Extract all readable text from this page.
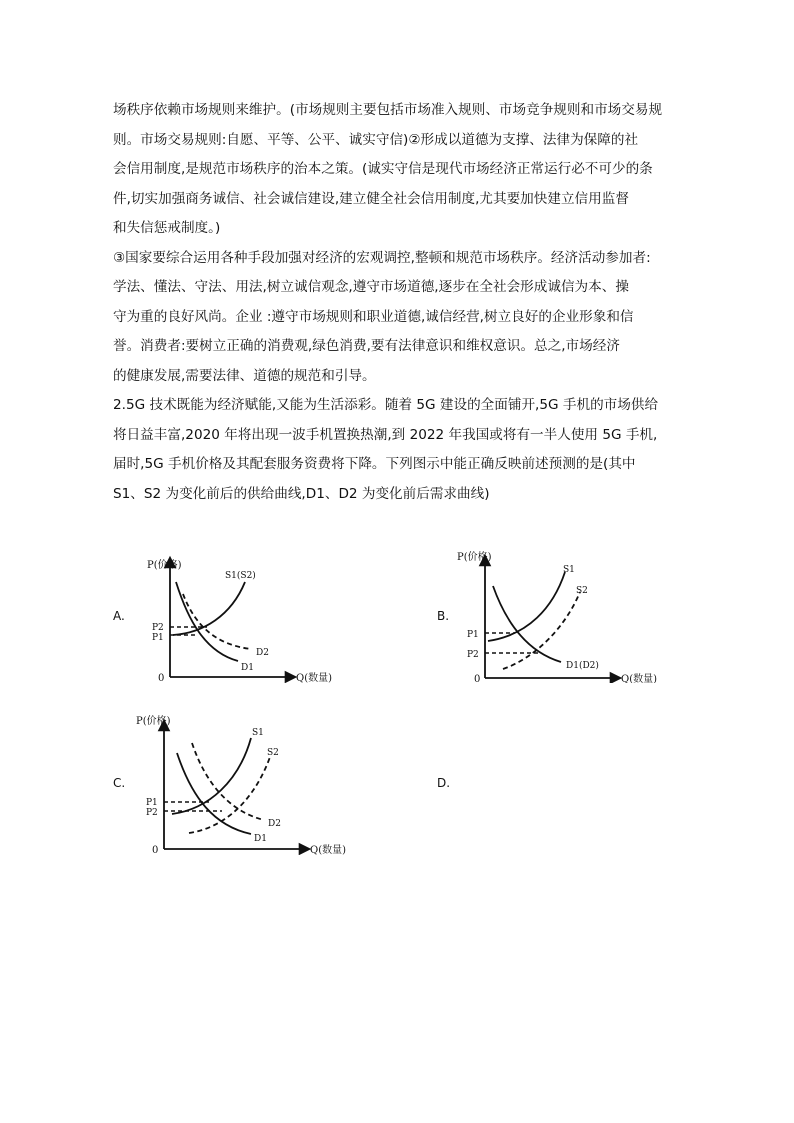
场秩序依赖市场规则来维护。(市场规则主要包括市场准入规则、市场竞争规则和市场交易规

则。市场交易规则:自愿、平等、公平、诚实守信)②形成以道德为支撑、法律为保障的社

会信用制度,是规范市场秩序的治本之策。(诚实守信是现代市场经济正常运行必不可少的条

件,切实加强商务诚信、社会诚信建设,建立健全社会信用制度,尤其要加快建立信用监督

和失信惩戒制度。)

③国家要综合运用各种手段加强对经济的宏观调控,整顿和规范市场秩序。经济活动参加者:

学法、懂法、守法、用法,树立诚信观念,遵守市场道德,逐步在全社会形成诚信为本、操

守为重的良好风尚。企业 :遵守市场规则和职业道德,诚信经营,树立良好的企业形象和信

誉。消费者:要树立正确的消费观,绿色消费,要有法律意识和维权意识。总之,市场经济

的健康发展,需要法律、道德的规范和引导。

2.5G 技术既能为经济赋能,又能为生活添彩。随着 5G 建设的全面铺开,5G 手机的市场供给

将日益丰富,2020 年将出现一波手机置换热潮,到 2022 年我国或将有一半人使用 5G 手机,

届时,5G 手机价格及其配套服务资费将下降。下列图示中能正确反映前述预测的是(其中

S1、S2 为变化前后的供给曲线,D1、D2 为变化前后需求曲线)

A.	B.
C.	D.
P(价格)
Q(数量)
0
P2
P1
S1(S2)
D2
D1
P(价格)
Q(数量)
0
P1
P2
S1
S2
D1(D2)
P(价格)
Q(数量)
0
P1
P2
S1
S2
D2
D1
